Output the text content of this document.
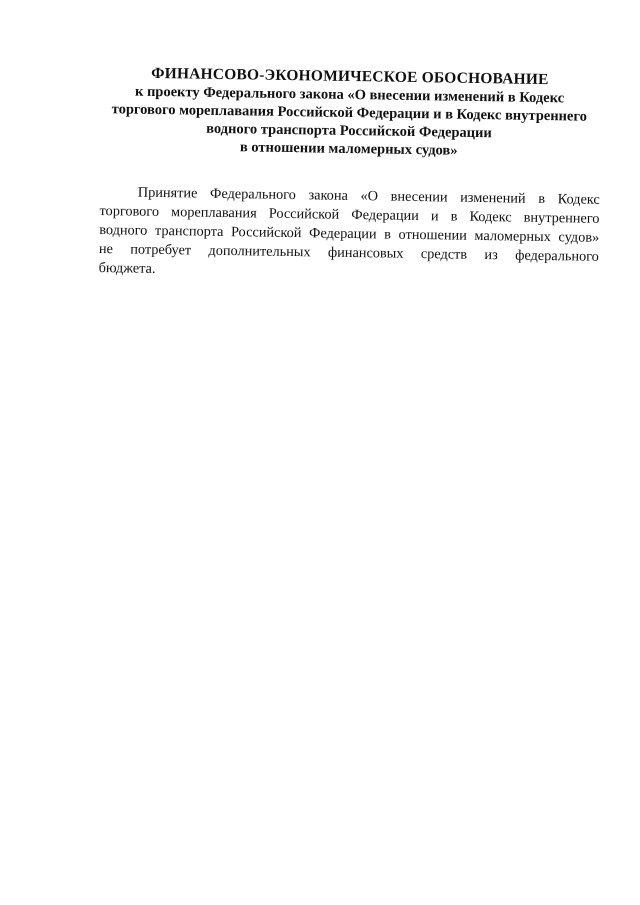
ФИНАНСОВО-ЭКОНОМИЧЕСКОЕ ОБОСНОВАНИЕ
к проекту Федерального закона «О внесении изменений в Кодекс
торгового мореплавания Российской Федерации и в Кодекс внутреннего
водного транспорта Российской Федерации
в отношении маломерных судов»
Принятие Федерального закона «О внесении изменений в Кодекс
торгового мореплавания Российской Федерации и в Кодекс внутреннего
водного транспорта Российской Федерации в отношении маломерных судов»
не потребует дополнительных финансовых средств из федерального
бюджета.
